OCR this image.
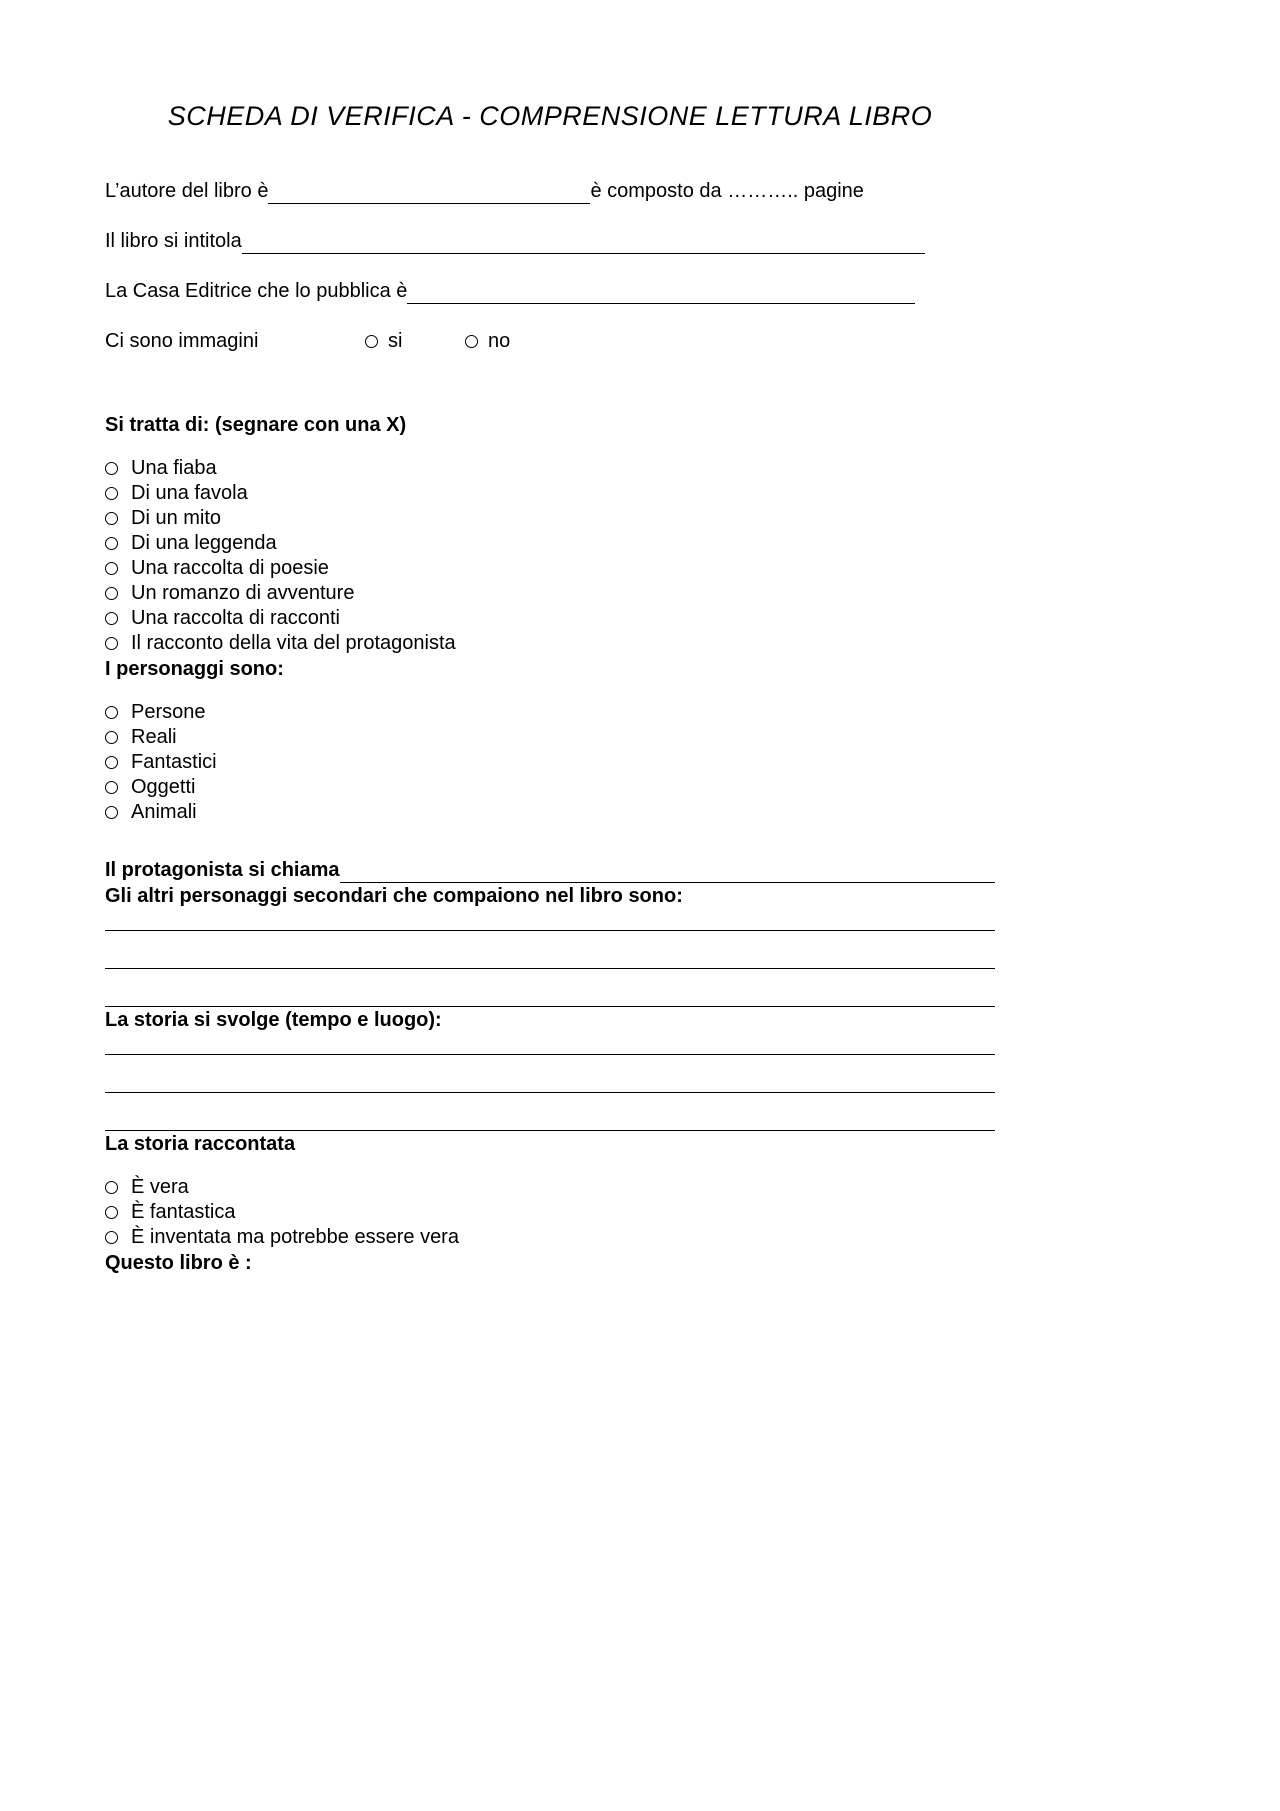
SCHEDA DI VERIFICA - COMPRENSIONE LETTURA LIBRO
L’autore del libro è	è composto da ……….. pagine
Il libro si intitola
La Casa Editrice che lo pubblica è
Ci sono immagini	si	no
Si tratta di: (segnare con una X)
Una fiaba
Di una favola
Di un mito
Di una leggenda
Una raccolta di poesie
Un romanzo di avventure
Una raccolta di racconti
Il racconto della vita del protagonista
I personaggi sono:
Persone
Reali
Fantastici
Oggetti
Animali
Il protagonista si chiama
Gli altri personaggi secondari che compaiono nel libro sono:
La storia si svolge (tempo e luogo):
La storia raccontata
È vera
È fantastica
È inventata ma potrebbe essere vera
Questo libro è :
